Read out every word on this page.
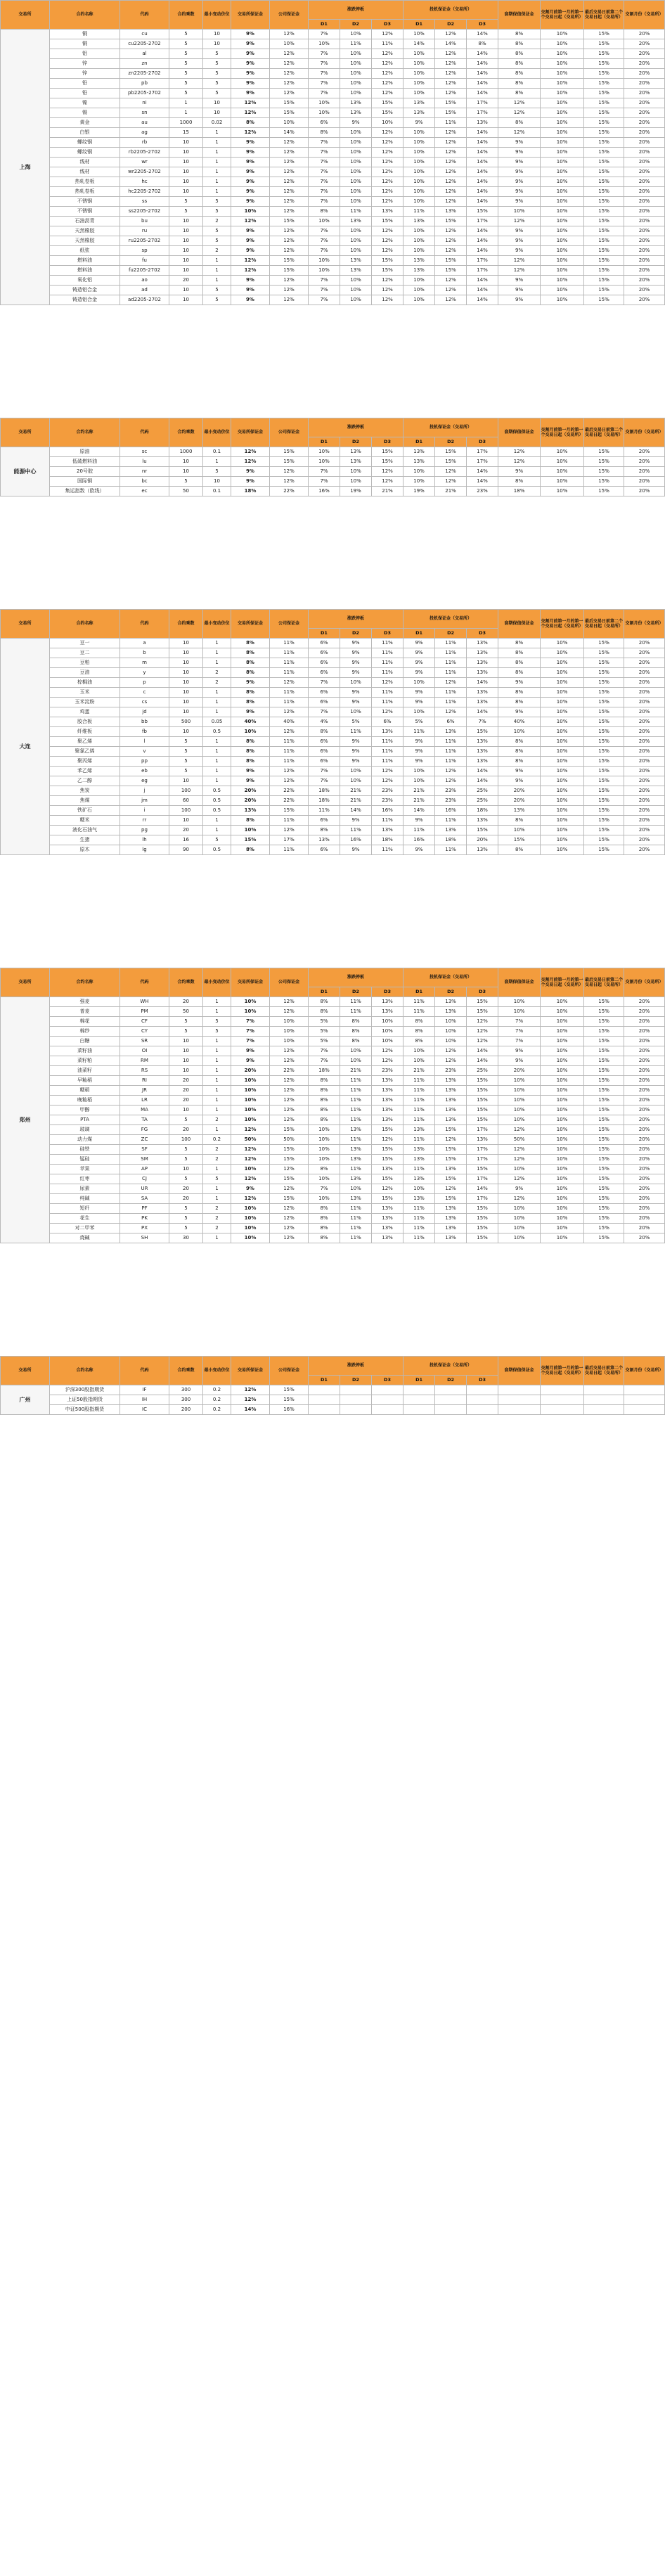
交易所	合约名称	代码	合约乘数	最小变动价位	交易所保证金	公司保证金	涨跌停板			投机保证金（交易所）			套期保值保证金	交割月前第一月的第一个交易日起（交易所）	最后交易日前第二个交易日起（交易所）	交割月份（交易所）
							D1	D2	D3	D1	D2	D3				
上海	铜	cu	5	10	9%	12%	7%	10%	12%	10%	12%	14%	8%	10%	15%	20%
	铜	cu2205-2702	5	10	9%	10%	10%	11%	11%	14%	14%	8%	8%	10%	15%	20%
	铝	al	5	5	9%	12%	7%	10%	12%	10%	12%	14%	8%	10%	15%	20%
	锌	zn	5	5	9%	12%	7%	10%	12%	10%	12%	14%	8%	10%	15%	20%
	锌	zn2205-2702	5	5	9%	12%	7%	10%	12%	10%	12%	14%	8%	10%	15%	20%
	铅	pb	5	5	9%	12%	7%	10%	12%	10%	12%	14%	8%	10%	15%	20%
	铅	pb2205-2702	5	5	9%	12%	7%	10%	12%	10%	12%	14%	8%	10%	15%	20%
	镍	ni	1	10	12%	15%	10%	13%	15%	13%	15%	17%	12%	10%	15%	20%
	锡	sn	1	10	12%	15%	10%	13%	15%	13%	15%	17%	12%	10%	15%	20%
	黄金	au	1000	0.02	8%	10%	6%	9%	10%	9%	11%	13%	8%	10%	15%	20%
	白银	ag	15	1	12%	14%	8%	10%	12%	10%	12%	14%	12%	10%	15%	20%
	螺纹钢	rb	10	1	9%	12%	7%	10%	12%	10%	12%	14%	9%	10%	15%	20%
	螺纹钢	rb2205-2702	10	1	9%	12%	7%	10%	12%	10%	12%	14%	9%	10%	15%	20%
	线材	wr	10	1	9%	12%	7%	10%	12%	10%	12%	14%	9%	10%	15%	20%
	线材	wr2205-2702	10	1	9%	12%	7%	10%	12%	10%	12%	14%	9%	10%	15%	20%
	热轧卷板	hc	10	1	9%	12%	7%	10%	12%	10%	12%	14%	9%	10%	15%	20%
	热轧卷板	hc2205-2702	10	1	9%	12%	7%	10%	12%	10%	12%	14%	9%	10%	15%	20%
	不锈钢	ss	5	5	9%	12%	7%	10%	12%	10%	12%	14%	9%	10%	15%	20%
	不锈钢	ss2205-2702	5	5	10%	12%	8%	11%	13%	11%	13%	15%	10%	10%	15%	20%
	石油沥青	bu	10	2	12%	15%	10%	13%	15%	13%	15%	17%	12%	10%	15%	20%
	天然橡胶	ru	10	5	9%	12%	7%	10%	12%	10%	12%	14%	9%	10%	15%	20%
	天然橡胶	ru2205-2702	10	5	9%	12%	7%	10%	12%	10%	12%	14%	9%	10%	15%	20%
	纸浆	sp	10	2	9%	12%	7%	10%	12%	10%	12%	14%	9%	10%	15%	20%
	燃料油	fu	10	1	12%	15%	10%	13%	15%	13%	15%	17%	12%	10%	15%	20%
	燃料油	fu2205-2702	10	1	12%	15%	10%	13%	15%	13%	15%	17%	12%	10%	15%	20%
	氧化铝	ao	20	1	9%	12%	7%	10%	12%	10%	12%	14%	9%	10%	15%	20%
	铸造铝合金	ad	10	5	9%	12%	7%	10%	12%	10%	12%	14%	9%	10%	15%	20%
	铸造铝合金	ad2205-2702	10	5	9%	12%	7%	10%	12%	10%	12%	14%	9%	10%	15%	20%

交易所	合约名称	代码	合约乘数	最小变动价位	交易所保证金	公司保证金	涨跌停板			投机保证金（交易所）			套期保值保证金	交割月前第一月的第一个交易日起（交易所）	最后交易日前第二个交易日起（交易所）	交割月份（交易所）
							D1	D2	D3	D1	D2	D3				
能源中心	原油	sc	1000	0.1	12%	15%	10%	13%	15%	13%	15%	17%	12%	10%	15%	20%
	低硫燃料油	lu	10	1	12%	15%	10%	13%	15%	13%	15%	17%	12%	10%	15%	20%
	20号胶	nr	10	5	9%	12%	7%	10%	12%	10%	12%	14%	9%	10%	15%	20%
	国际铜	bc	5	10	9%	12%	7%	10%	12%	10%	12%	14%	8%	10%	15%	20%
	集运指数（欧线）	ec	50	0.1	18%	22%	16%	19%	21%	19%	21%	23%	18%	10%	15%	20%

交易所	合约名称	代码	合约乘数	最小变动价位	交易所保证金	公司保证金	涨跌停板			投机保证金（交易所）			套期保值保证金	交割月前第一月的第一个交易日起（交易所）	最后交易日前第二个交易日起（交易所）	交割月份（交易所）
							D1	D2	D3	D1	D2	D3				
大连	豆一	a	10	1	8%	11%	6%	9%	11%	9%	11%	13%	8%	10%	15%	20%
	豆二	b	10	1	8%	11%	6%	9%	11%	9%	11%	13%	8%	10%	15%	20%
	豆粕	m	10	1	8%	11%	6%	9%	11%	9%	11%	13%	8%	10%	15%	20%
	豆油	y	10	2	8%	11%	6%	9%	11%	9%	11%	13%	8%	10%	15%	20%
	棕榈油	p	10	2	9%	12%	7%	10%	12%	10%	12%	14%	9%	10%	15%	20%
	玉米	c	10	1	8%	11%	6%	9%	11%	9%	11%	13%	8%	10%	15%	20%
	玉米淀粉	cs	10	1	8%	11%	6%	9%	11%	9%	11%	13%	8%	10%	15%	20%
	鸡蛋	jd	10	1	9%	12%	7%	10%	12%	10%	12%	14%	9%	10%	15%	20%
	胶合板	bb	500	0.05	40%	40%	4%	5%	6%	5%	6%	7%	40%	10%	15%	20%
	纤维板	fb	10	0.5	10%	12%	8%	11%	13%	11%	13%	15%	10%	10%	15%	20%
	聚乙烯	l	5	1	8%	11%	6%	9%	11%	9%	11%	13%	8%	10%	15%	20%
	聚氯乙烯	v	5	1	8%	11%	6%	9%	11%	9%	11%	13%	8%	10%	15%	20%
	聚丙烯	pp	5	1	8%	11%	6%	9%	11%	9%	11%	13%	8%	10%	15%	20%
	苯乙烯	eb	5	1	9%	12%	7%	10%	12%	10%	12%	14%	9%	10%	15%	20%
	乙二醇	eg	10	1	9%	12%	7%	10%	12%	10%	12%	14%	9%	10%	15%	20%
	焦炭	j	100	0.5	20%	22%	18%	21%	23%	21%	23%	25%	20%	10%	15%	20%
	焦煤	jm	60	0.5	20%	22%	18%	21%	23%	21%	23%	25%	20%	10%	15%	20%
	铁矿石	i	100	0.5	13%	15%	11%	14%	16%	14%	16%	18%	13%	10%	15%	20%
	粳米	rr	10	1	8%	11%	6%	9%	11%	9%	11%	13%	8%	10%	15%	20%
	液化石油气	pg	20	1	10%	12%	8%	11%	13%	11%	13%	15%	10%	10%	15%	20%
	生猪	lh	16	5	15%	17%	13%	16%	18%	16%	18%	20%	15%	10%	15%	20%
	原木	lg	90	0.5	8%	11%	6%	9%	11%	9%	11%	13%	8%	10%	15%	20%

交易所	合约名称	代码	合约乘数	最小变动价位	交易所保证金	公司保证金	涨跌停板			投机保证金（交易所）			套期保值保证金	交割月前第一月的第一个交易日起（交易所）	最后交易日前第二个交易日起（交易所）	交割月份（交易所）
							D1	D2	D3	D1	D2	D3				
郑州	强麦	WH	20	1	10%	12%	8%	11%	13%	11%	13%	15%	10%	10%	15%	20%
	普麦	PM	50	1	10%	12%	8%	11%	13%	11%	13%	15%	10%	10%	15%	20%
	棉花	CF	5	5	7%	10%	5%	8%	10%	8%	10%	12%	7%	10%	15%	20%
	棉纱	CY	5	5	7%	10%	5%	8%	10%	8%	10%	12%	7%	10%	15%	20%
	白糖	SR	10	1	7%	10%	5%	8%	10%	8%	10%	12%	7%	10%	15%	20%
	菜籽油	OI	10	1	9%	12%	7%	10%	12%	10%	12%	14%	9%	10%	15%	20%
	菜籽粕	RM	10	1	9%	12%	7%	10%	12%	10%	12%	14%	9%	10%	15%	20%
	油菜籽	RS	10	1	20%	22%	18%	21%	23%	21%	23%	25%	20%	10%	15%	20%
	早籼稻	RI	20	1	10%	12%	8%	11%	13%	11%	13%	15%	10%	10%	15%	20%
	粳稻	JR	20	1	10%	12%	8%	11%	13%	11%	13%	15%	10%	10%	15%	20%
	晚籼稻	LR	20	1	10%	12%	8%	11%	13%	11%	13%	15%	10%	10%	15%	20%
	甲醇	MA	10	1	10%	12%	8%	11%	13%	11%	13%	15%	10%	10%	15%	20%
	PTA	TA	5	2	10%	12%	8%	11%	13%	11%	13%	15%	10%	10%	15%	20%
	玻璃	FG	20	1	12%	15%	10%	13%	15%	13%	15%	17%	12%	10%	15%	20%
	动力煤	ZC	100	0.2	50%	50%	10%	11%	12%	11%	12%	13%	50%	10%	15%	20%
	硅铁	SF	5	2	12%	15%	10%	13%	15%	13%	15%	17%	12%	10%	15%	20%
	锰硅	SM	5	2	12%	15%	10%	13%	15%	13%	15%	17%	12%	10%	15%	20%
	苹果	AP	10	1	10%	12%	8%	11%	13%	11%	13%	15%	10%	10%	15%	20%
	红枣	CJ	5	5	12%	15%	10%	13%	15%	13%	15%	17%	12%	10%	15%	20%
	尿素	UR	20	1	9%	12%	7%	10%	12%	10%	12%	14%	9%	10%	15%	20%
	纯碱	SA	20	1	12%	15%	10%	13%	15%	13%	15%	17%	12%	10%	15%	20%
	短纤	PF	5	2	10%	12%	8%	11%	13%	11%	13%	15%	10%	10%	15%	20%
	花生	PK	5	2	10%	12%	8%	11%	13%	11%	13%	15%	10%	10%	15%	20%
	对二甲苯	PX	5	2	10%	12%	8%	11%	13%	11%	13%	15%	10%	10%	15%	20%
	烧碱	SH	30	1	10%	12%	8%	11%	13%	11%	13%	15%	10%	10%	15%	20%

交易所	合约名称	代码	合约乘数	最小变动价位	交易所保证金	公司保证金	涨跌停板			投机保证金（交易所）			套期保值保证金	交割月前第一月的第一个交易日起（交易所）	最后交易日前第二个交易日起（交易所）	交割月份（交易所）
							D1	D2	D3	D1	D2	D3				
广州	沪深300股指期货	IF	300	0.2	12%	15%										
	上证50股指期货	IH	300	0.2	12%	15%										
	中证500股指期货	IC	200	0.2	14%	16%										
